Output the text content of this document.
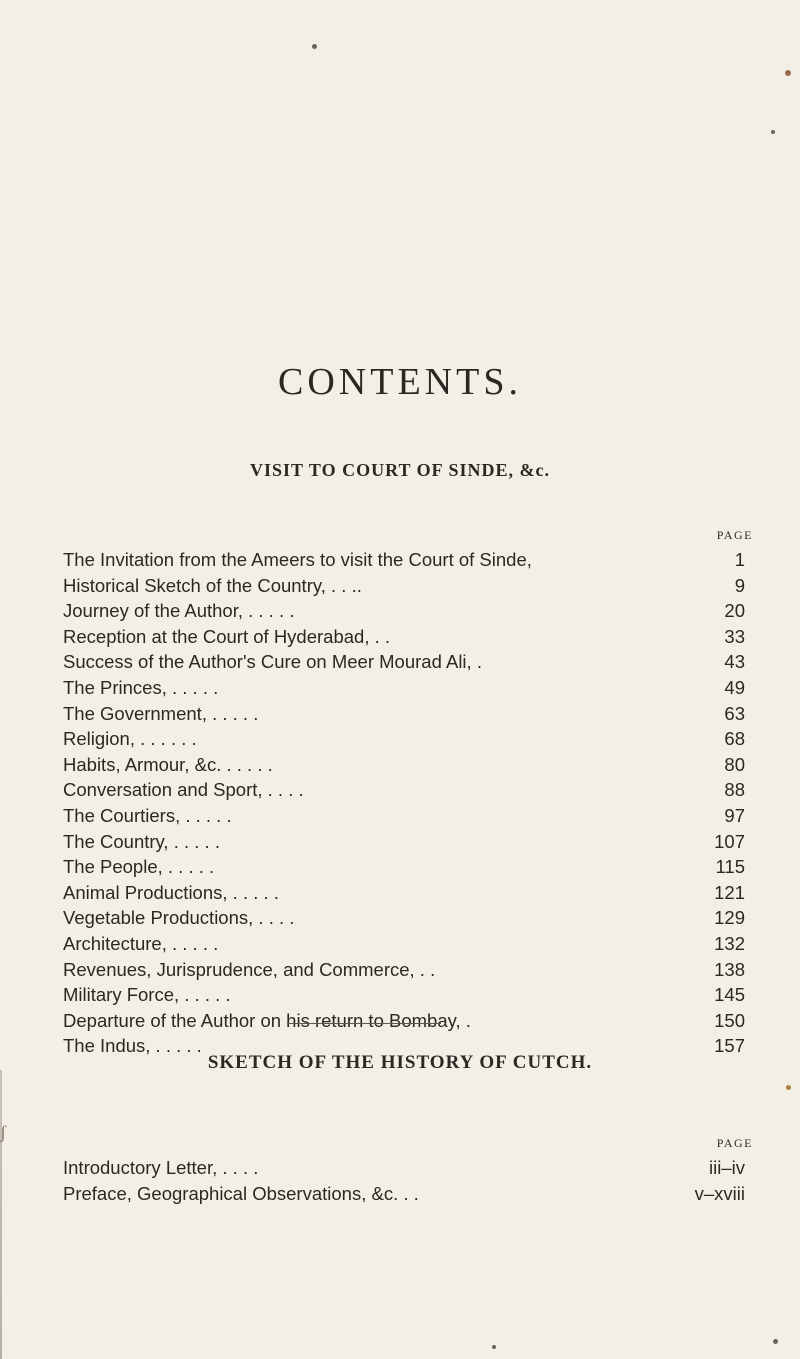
CONTENTS.
VISIT TO COURT OF SINDE, &c.
PAGE
The Invitation from the Ameers to visit the Court of Sinde,	1
Historical Sketch of the Country, . . ..	9
Journey of the Author, . . . . .	20
Reception at the Court of Hyderabad, . .	33
Success of the Author's Cure on Meer Mourad Ali, .	43
The Princes, . . . . .	49
The Government, . . . . .	63
Religion, . . . . . .	68
Habits, Armour, &c. . . . . .	80
Conversation and Sport, . . . .	88
The Courtiers, . . . . .	97
The Country, . . . . .	107
The People, . . . . .	115
Animal Productions, . . . . .	121
Vegetable Productions, . . . .	129
Architecture, . . . . .	132
Revenues, Jurisprudence, and Commerce, . .	138
Military Force, . . . . .	145
Departure of the Author on his return to Bombay, .	150
The Indus, . . . . .	157
SKETCH OF THE HISTORY OF CUTCH.
PAGE
Introductory Letter, . . . .	iii–iv
Preface, Geographical Observations, &c. . .	v–xviii
ʃ
